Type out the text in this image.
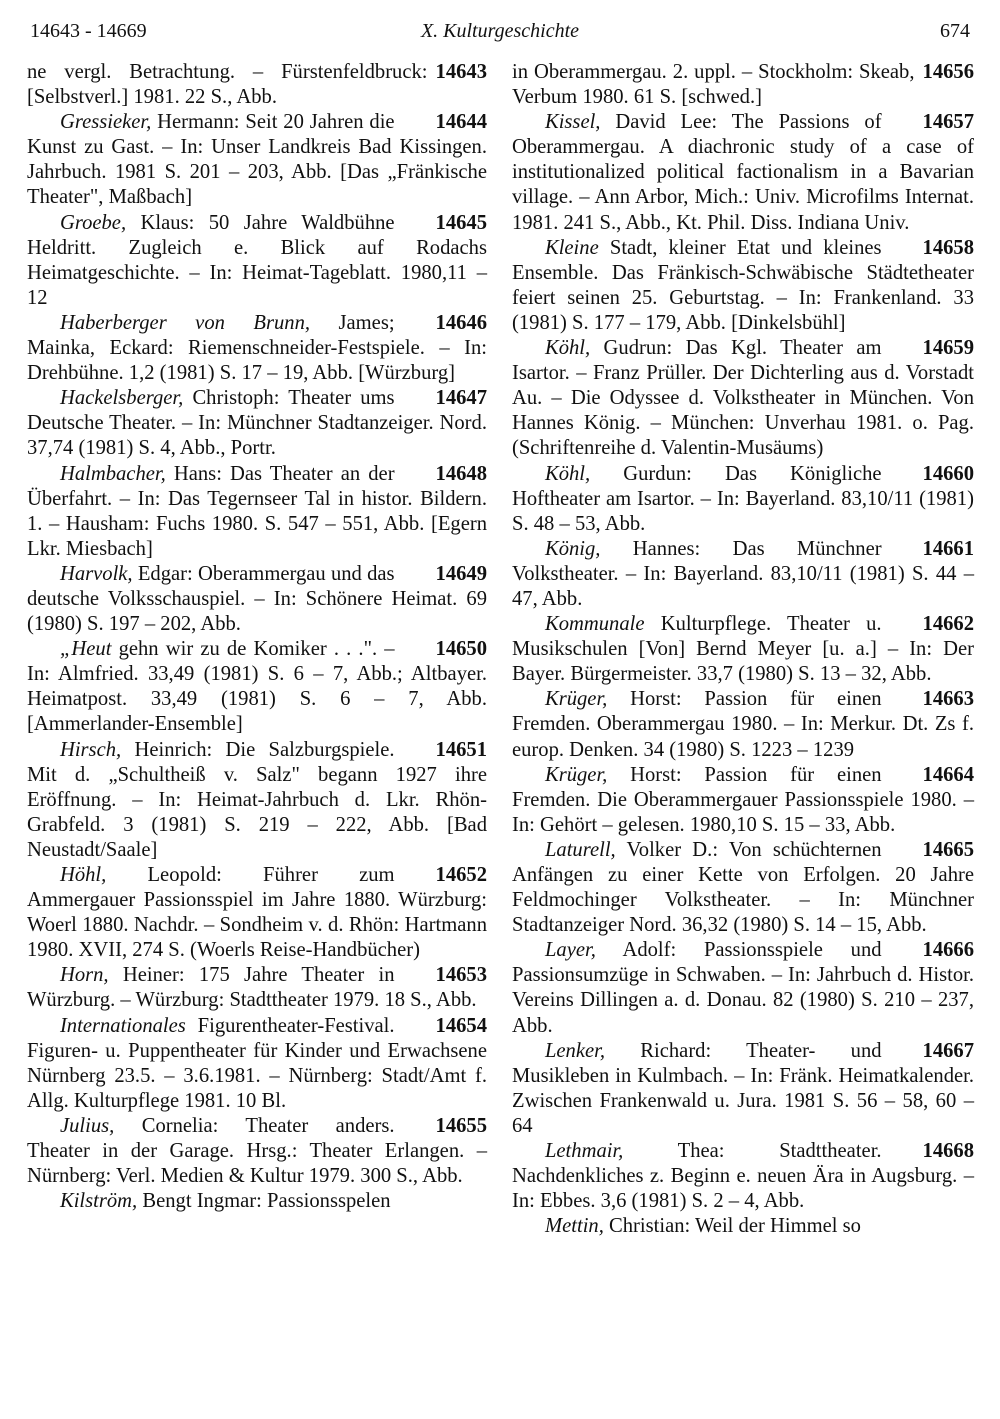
14643 - 14669	X. Kulturgeschichte	674

14643
ne vergl. Betrachtung. – Fürstenfeldbruck: [Selbstverl.] 1981. 22 S., Abb.

14644
Gressieker, Hermann: Seit 20 Jahren die Kunst zu Gast. – In: Unser Landkreis Bad Kissingen. Jahrbuch. 1981 S. 201 – 203, Abb. [Das „Fränkische Theater", Maßbach]

14645
Groebe, Klaus: 50 Jahre Waldbühne Heldritt. Zugleich e. Blick auf Rodachs Heimatgeschichte. – In: Heimat-Tageblatt. 1980,11 – 12

14646
Haberberger von Brunn, James; Mainka, Eckard: Riemenschneider-Festspiele. – In: Drehbühne. 1,2 (1981) S. 17 – 19, Abb. [Würzburg]

14647
Hackelsberger, Christoph: Theater ums Deutsche Theater. – In: Münchner Stadtanzeiger. Nord. 37,74 (1981) S. 4, Abb., Portr.

14648
Halmbacher, Hans: Das Theater an der Überfahrt. – In: Das Tegernseer Tal in histor. Bildern. 1. – Hausham: Fuchs 1980. S. 547 – 551, Abb. [Egern Lkr. Miesbach]

14649
Harvolk, Edgar: Oberammergau und das deutsche Volksschauspiel. – In: Schönere Heimat. 69 (1980) S. 197 – 202, Abb.

14650
„Heut gehn wir zu de Komiker . . .". – In: Almfried. 33,49 (1981) S. 6 – 7, Abb.; Altbayer. Heimatpost. 33,49 (1981) S. 6 – 7, Abb. [Ammerlander-Ensemble]

14651
Hirsch, Heinrich: Die Salzburgspiele. Mit d. „Schultheiß v. Salz" begann 1927 ihre Eröffnung. – In: Heimat-Jahrbuch d. Lkr. Rhön-Grabfeld. 3 (1981) S. 219 – 222, Abb. [Bad Neustadt/Saale]

14652
Höhl, Leopold: Führer zum Ammergauer Passionsspiel im Jahre 1880. Würzburg: Woerl 1880. Nachdr. – Sondheim v. d. Rhön: Hartmann 1980. XVII, 274 S. (Woerls Reise-Handbücher)

14653
Horn, Heiner: 175 Jahre Theater in Würzburg. – Würzburg: Stadttheater 1979. 18 S., Abb.

14654
Internationales Figurentheater-Festival. Figuren- u. Puppentheater für Kinder und Erwachsene Nürnberg 23.5. – 3.6.1981. – Nürnberg: Stadt/Amt f. Allg. Kulturpflege 1981. 10 Bl.

14655
Julius, Cornelia: Theater anders. Theater in der Garage. Hrsg.: Theater Erlangen. – Nürnberg: Verl. Medien & Kultur 1979. 300 S., Abb.

Kilström, Bengt Ingmar: Passionsspelen

14656
in Oberammergau. 2. uppl. – Stockholm: Skeab, Verbum 1980. 61 S. [schwed.]

14657
Kissel, David Lee: The Passions of Oberammergau. A diachronic study of a case of institutionalized political factionalism in a Bavarian village. – Ann Arbor, Mich.: Univ. Microfilms Internat. 1981. 241 S., Abb., Kt. Phil. Diss. Indiana Univ.

14658
Kleine Stadt, kleiner Etat und kleines Ensemble. Das Fränkisch-Schwäbische Städtetheater feiert seinen 25. Geburtstag. – In: Frankenland. 33 (1981) S. 177 – 179, Abb. [Dinkelsbühl]

14659
Köhl, Gudrun: Das Kgl. Theater am Isartor. – Franz Prüller. Der Dichterling aus d. Vorstadt Au. – Die Odyssee d. Volkstheater in München. Von Hannes König. – München: Unverhau 1981. o. Pag. (Schriftenreihe d. Valentin-Musäums)

14660
Köhl, Gurdun: Das Königliche Hoftheater am Isartor. – In: Bayerland. 83,10/11 (1981) S. 48 – 53, Abb.

14661
König, Hannes: Das Münchner Volkstheater. – In: Bayerland. 83,10/11 (1981) S. 44 – 47, Abb.

14662
Kommunale Kulturpflege. Theater u. Musikschulen [Von] Bernd Meyer [u. a.] – In: Der Bayer. Bürgermeister. 33,7 (1980) S. 13 – 32, Abb.

14663
Krüger, Horst: Passion für einen Fremden. Oberammergau 1980. – In: Merkur. Dt. Zs f. europ. Denken. 34 (1980) S. 1223 – 1239

14664
Krüger, Horst: Passion für einen Fremden. Die Oberammergauer Passionsspiele 1980. – In: Gehört – gelesen. 1980,10 S. 15 – 33, Abb.

14665
Laturell, Volker D.: Von schüchternen Anfängen zu einer Kette von Erfolgen. 20 Jahre Feldmochinger Volkstheater. – In: Münchner Stadtanzeiger Nord. 36,32 (1980) S. 14 – 15, Abb.

14666
Layer, Adolf: Passionsspiele und Passionsumzüge in Schwaben. – In: Jahrbuch d. Histor. Vereins Dillingen a. d. Donau. 82 (1980) S. 210 – 237, Abb.

14667
Lenker, Richard: Theater- und Musikleben in Kulmbach. – In: Fränk. Heimatkalender. Zwischen Frankenwald u. Jura. 1981 S. 56 – 58, 60 – 64

14668
Lethmair, Thea: Stadttheater. Nachdenkliches z. Beginn e. neuen Ära in Augsburg. – In: Ebbes. 3,6 (1981) S. 2 – 4, Abb.

Mettin, Christian: Weil der Himmel so
